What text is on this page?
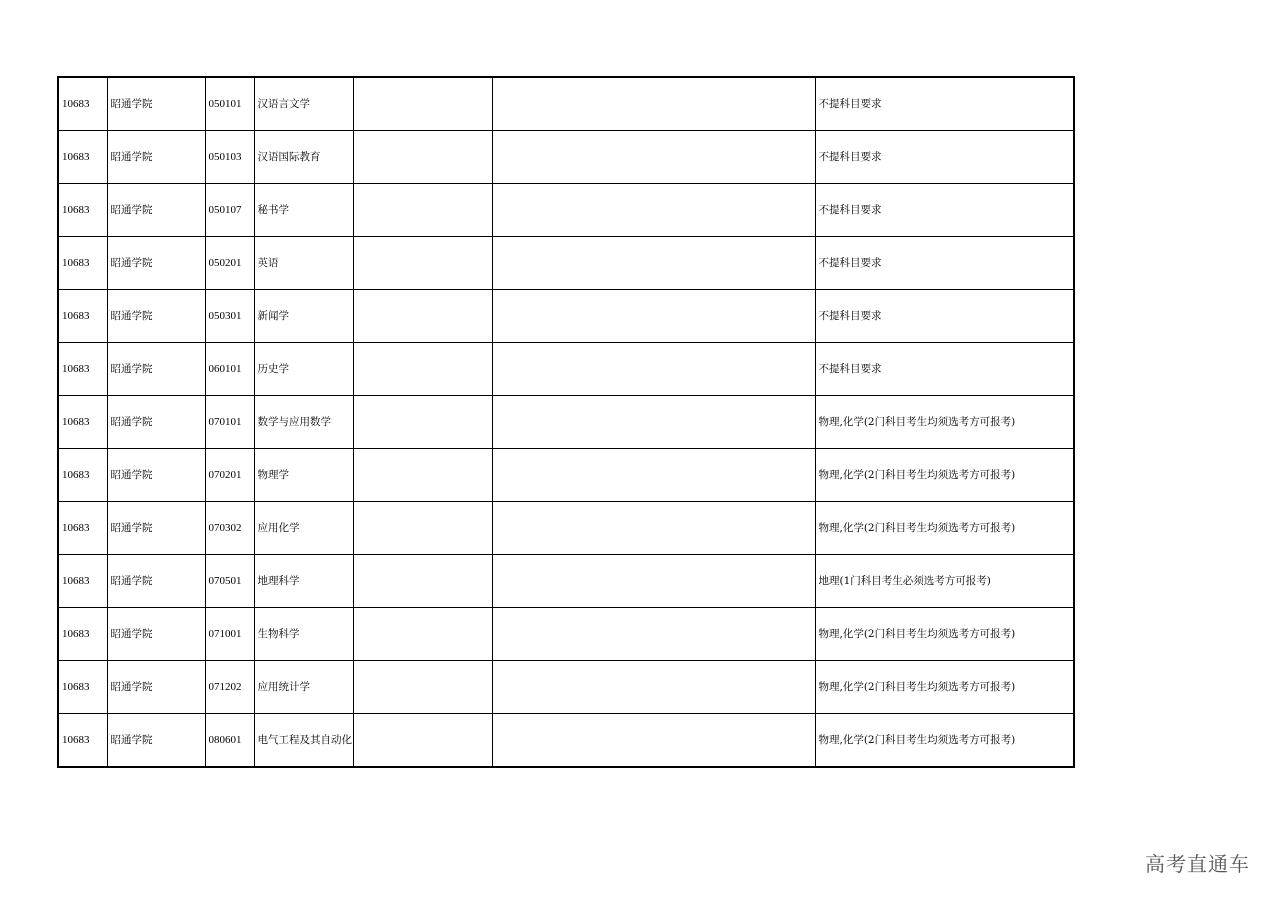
10683	昭通学院	050101	汉语言文学			不提科目要求
10683	昭通学院	050103	汉语国际教育			不提科目要求
10683	昭通学院	050107	秘书学			不提科目要求
10683	昭通学院	050201	英语			不提科目要求
10683	昭通学院	050301	新闻学			不提科目要求
10683	昭通学院	060101	历史学			不提科目要求
10683	昭通学院	070101	数学与应用数学			物理,化学(2门科目考生均须选考方可报考)
10683	昭通学院	070201	物理学			物理,化学(2门科目考生均须选考方可报考)
10683	昭通学院	070302	应用化学			物理,化学(2门科目考生均须选考方可报考)
10683	昭通学院	070501	地理科学			地理(1门科目考生必须选考方可报考)
10683	昭通学院	071001	生物科学			物理,化学(2门科目考生均须选考方可报考)
10683	昭通学院	071202	应用统计学			物理,化学(2门科目考生均须选考方可报考)
10683	昭通学院	080601	电气工程及其自动化			物理,化学(2门科目考生均须选考方可报考)
高考直通车
